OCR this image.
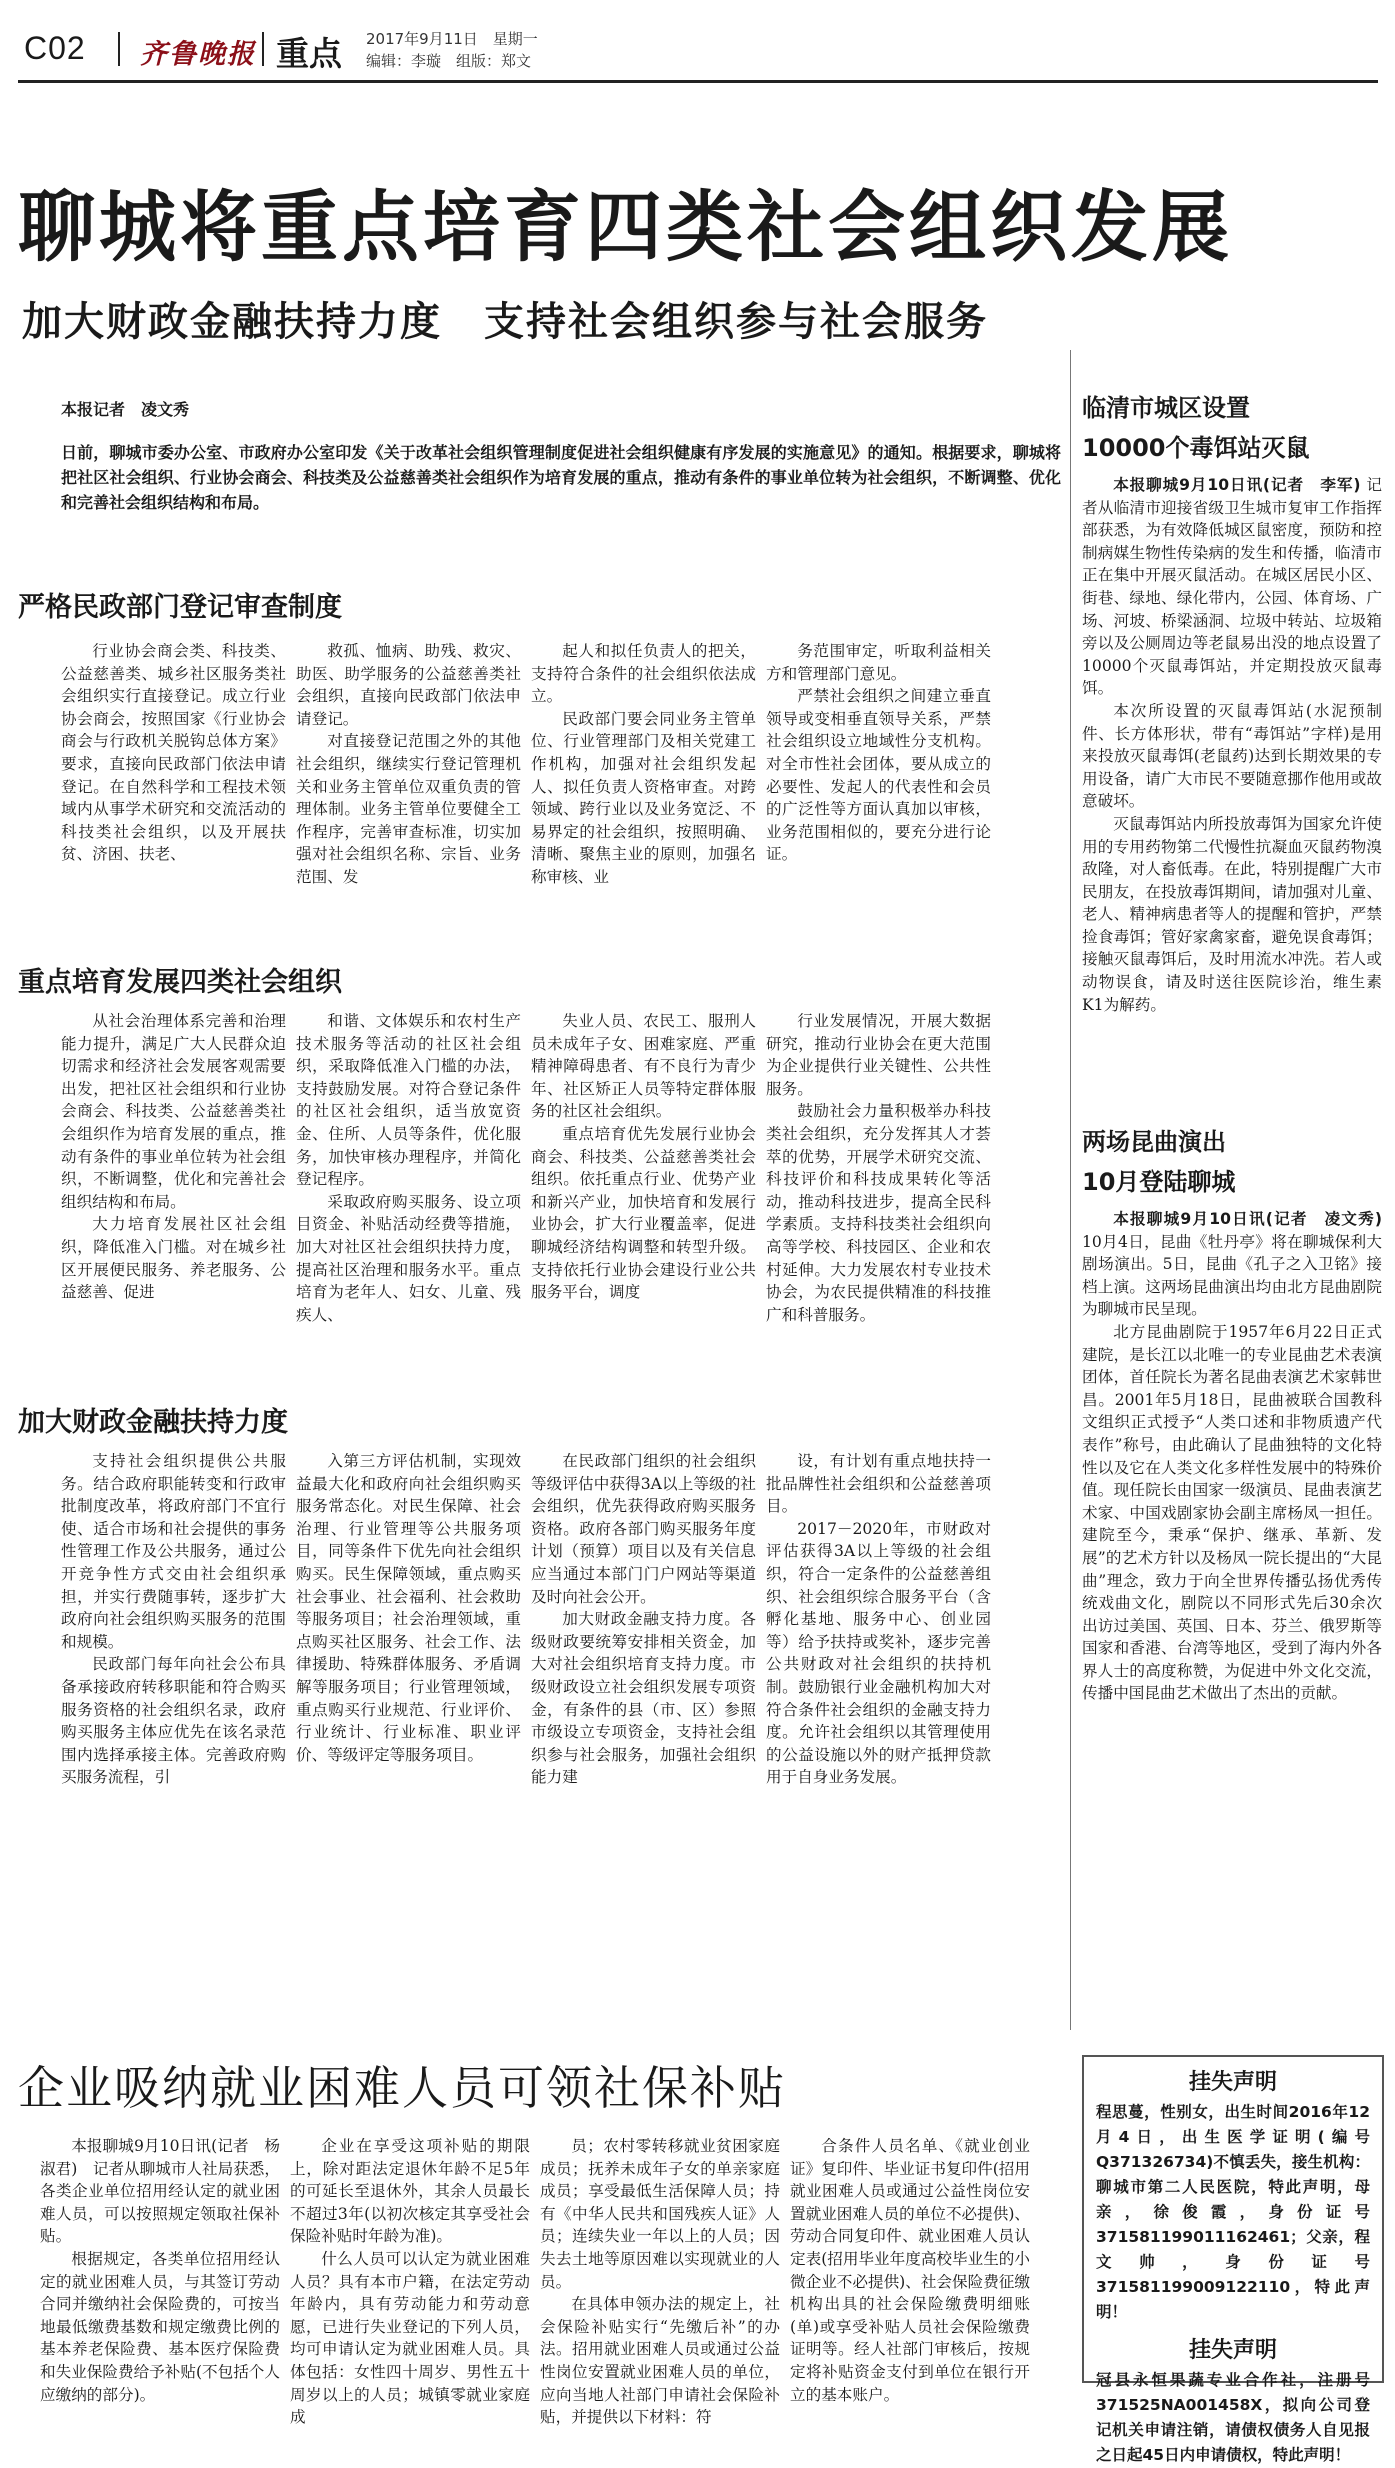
C02 齐鲁晚报 重点 2017年9月11日　星期一
编辑：李璇　组版：郑文
聊城将重点培育四类社会组织发展
加大财政金融扶持力度　支持社会组织参与社会服务
本报记者　凌文秀
日前，聊城市委办公室、市政府办公室印发《关于改革社会组织管理制度促进社会组织健康有序发展的实施意见》的通知。根据要求，聊城将把社区社会组织、行业协会商会、科技类及公益慈善类社会组织作为培育发展的重点，推动有条件的事业单位转为社会组织，不断调整、优化和完善社会组织结构和布局。
严格民政部门登记审查制度

行业协会商会类、科技类、公益慈善类、城乡社区服务类社会组织实行直接登记。成立行业协会商会，按照国家《行业协会商会与行政机关脱钩总体方案》要求，直接向民政部门依法申请登记。在自然科学和工程技术领域内从事学术研究和交流活动的科技类社会组织，以及开展扶贫、济困、扶老、

救孤、恤病、助残、救灾、助医、助学服务的公益慈善类社会组织，直接向民政部门依法申请登记。

对直接登记范围之外的其他社会组织，继续实行登记管理机关和业务主管单位双重负责的管理体制。业务主管单位要健全工作程序，完善审查标准，切实加强对社会组织名称、宗旨、业务范围、发

起人和拟任负责人的把关，支持符合条件的社会组织依法成立。

民政部门要会同业务主管单位、行业管理部门及相关党建工作机构，加强对社会组织发起人、拟任负责人资格审查。对跨领域、跨行业以及业务宽泛、不易界定的社会组织，按照明确、清晰、聚焦主业的原则，加强名称审核、业

务范围审定，听取利益相关方和管理部门意见。

严禁社会组织之间建立垂直领导或变相垂直领导关系，严禁社会组织设立地域性分支机构。对全市性社会团体，要从成立的必要性、发起人的代表性和会员的广泛性等方面认真加以审核，业务范围相似的，要充分进行论证。

重点培育发展四类社会组织

从社会治理体系完善和治理能力提升，满足广大人民群众迫切需求和经济社会发展客观需要出发，把社区社会组织和行业协会商会、科技类、公益慈善类社会组织作为培育发展的重点，推动有条件的事业单位转为社会组织，不断调整，优化和完善社会组织结构和布局。

大力培育发展社区社会组织，降低准入门槛。对在城乡社区开展便民服务、养老服务、公益慈善、促进

和谐、文体娱乐和农村生产技术服务等活动的社区社会组织，采取降低准入门槛的办法，支持鼓励发展。对符合登记条件的社区社会组织，适当放宽资金、住所、人员等条件，优化服务，加快审核办理程序，并简化登记程序。

采取政府购买服务、设立项目资金、补贴活动经费等措施，加大对社区社会组织扶持力度，提高社区治理和服务水平。重点培育为老年人、妇女、儿童、残疾人、

失业人员、农民工、服刑人员未成年子女、困难家庭、严重精神障碍患者、有不良行为青少年、社区矫正人员等特定群体服务的社区社会组织。

重点培育优先发展行业协会商会、科技类、公益慈善类社会组织。依托重点行业、优势产业和新兴产业，加快培育和发展行业协会，扩大行业覆盖率，促进聊城经济结构调整和转型升级。支持依托行业协会建设行业公共服务平台，调度

行业发展情况，开展大数据研究，推动行业协会在更大范围为企业提供行业关键性、公共性服务。

鼓励社会力量积极举办科技类社会组织，充分发挥其人才荟萃的优势，开展学术研究交流、科技评价和科技成果转化等活动，推动科技进步，提高全民科学素质。支持科技类社会组织向高等学校、科技园区、企业和农村延伸。大力发展农村专业技术协会，为农民提供精准的科技推广和科普服务。

加大财政金融扶持力度

支持社会组织提供公共服务。结合政府职能转变和行政审批制度改革，将政府部门不宜行使、适合市场和社会提供的事务性管理工作及公共服务，通过公开竞争性方式交由社会组织承担，并实行费随事转，逐步扩大政府向社会组织购买服务的范围和规模。

民政部门每年向社会公布具备承接政府转移职能和符合购买服务资格的社会组织名录，政府购买服务主体应优先在该名录范围内选择承接主体。完善政府购买服务流程，引

入第三方评估机制，实现效益最大化和政府向社会组织购买服务常态化。对民生保障、社会治理、行业管理等公共服务项目，同等条件下优先向社会组织购买。民生保障领域，重点购买社会事业、社会福利、社会救助等服务项目；社会治理领域，重点购买社区服务、社会工作、法律援助、特殊群体服务、矛盾调解等服务项目；行业管理领域，重点购买行业规范、行业评价、行业统计、行业标准、职业评价、等级评定等服务项目。

在民政部门组织的社会组织等级评估中获得3A以上等级的社会组织，优先获得政府购买服务资格。政府各部门购买服务年度计划（预算）项目以及有关信息应当通过本部门门户网站等渠道及时向社会公开。

加大财政金融支持力度。各级财政要统筹安排相关资金，加大对社会组织培育支持力度。市级财政设立社会组织发展专项资金，有条件的县（市、区）参照市级设立专项资金，支持社会组织参与社会服务，加强社会组织能力建

设，有计划有重点地扶持一批品牌性社会组织和公益慈善项目。

2017－2020年，市财政对评估获得3A以上等级的社会组织，符合一定条件的公益慈善组织、社会组织综合服务平台（含孵化基地、服务中心、创业园等）给予扶持或奖补，逐步完善公共财政对社会组织的扶持机制。鼓励银行业金融机构加大对符合条件社会组织的金融支持力度。允许社会组织以其管理使用的公益设施以外的财产抵押贷款用于自身业务发展。

临清市城区设置
10000个毒饵站灭鼠

本报聊城9月10日讯(记者　李军) 记者从临清市迎接省级卫生城市复审工作指挥部获悉，为有效降低城区鼠密度，预防和控制病媒生物性传染病的发生和传播，临清市正在集中开展灭鼠活动。在城区居民小区、街巷、绿地、绿化带内，公园、体育场、广场、河坡、桥梁涵洞、垃圾中转站、垃圾箱旁以及公厕周边等老鼠易出没的地点设置了10000个灭鼠毒饵站，并定期投放灭鼠毒饵。

本次所设置的灭鼠毒饵站(水泥预制件、长方体形状，带有“毒饵站”字样)是用来投放灭鼠毒饵(老鼠药)达到长期效果的专用设备，请广大市民不要随意挪作他用或故意破坏。

灭鼠毒饵站内所投放毒饵为国家允许使用的专用药物第二代慢性抗凝血灭鼠药物溴敌隆，对人畜低毒。在此，特别提醒广大市民朋友，在投放毒饵期间，请加强对儿童、老人、精神病患者等人的提醒和管护，严禁捡食毒饵；管好家禽家畜，避免误食毒饵；接触灭鼠毒饵后，及时用流水冲洗。若人或动物误食，请及时送往医院诊治，维生素K1为解药。

两场昆曲演出
10月登陆聊城

本报聊城9月10日讯(记者　凌文秀) 10月4日，昆曲《牡丹亭》将在聊城保利大剧场演出。5日，昆曲《孔子之入卫铭》接档上演。这两场昆曲演出均由北方昆曲剧院为聊城市民呈现。

北方昆曲剧院于1957年6月22日正式建院，是长江以北唯一的专业昆曲艺术表演团体，首任院长为著名昆曲表演艺术家韩世昌。2001年5月18日，昆曲被联合国教科文组织正式授予“人类口述和非物质遗产代表作”称号，由此确认了昆曲独特的文化特性以及它在人类文化多样性发展中的特殊价值。现任院长由国家一级演员、昆曲表演艺术家、中国戏剧家协会副主席杨凤一担任。建院至今，秉承“保护、继承、革新、发展”的艺术方针以及杨凤一院长提出的“大昆曲”理念，致力于向全世界传播弘扬优秀传统戏曲文化，剧院以不同形式先后30余次出访过美国、英国、日本、芬兰、俄罗斯等国家和香港、台湾等地区，受到了海内外各界人士的高度称赞，为促进中外文化交流，传播中国昆曲艺术做出了杰出的贡献。

挂失声明
程思蔓，性别女，出生时间2016年12月4日，出生医学证明(编号Q371326734)不慎丢失，接生机构：聊城市第二人民医院，特此声明，母亲，徐俊霞，身份证号371581199011162461；父亲，程文帅，身份证号371581199009122110，特此声明！
挂失声明
冠县永恒果蔬专业合作社，注册号371525NA001458X，拟向公司登记机关申请注销，请债权债务人自见报之日起45日内申请债权，特此声明！
企业吸纳就业困难人员可领社保补贴

本报聊城9月10日讯(记者　杨淑君)　记者从聊城市人社局获悉，各类企业单位招用经认定的就业困难人员，可以按照规定领取社保补贴。

根据规定，各类单位招用经认定的就业困难人员，与其签订劳动合同并缴纳社会保险费的，可按当地最低缴费基数和规定缴费比例的基本养老保险费、基本医疗保险费和失业保险费给予补贴(不包括个人应缴纳的部分)。

企业在享受这项补贴的期限上，除对距法定退休年龄不足5年的可延长至退休外，其余人员最长不超过3年(以初次核定其享受社会保险补贴时年龄为准)。

什么人员可以认定为就业困难人员？具有本市户籍，在法定劳动年龄内，具有劳动能力和劳动意愿，已进行失业登记的下列人员，均可申请认定为就业困难人员。具体包括：女性四十周岁、男性五十周岁以上的人员；城镇零就业家庭成

员；农村零转移就业贫困家庭成员；抚养未成年子女的单亲家庭成员；享受最低生活保障人员；持有《中华人民共和国残疾人证》人员；连续失业一年以上的人员；因失去土地等原因难以实现就业的人员。

在具体申领办法的规定上，社会保险补贴实行“先缴后补”的办法。招用就业困难人员或通过公益性岗位安置就业困难人员的单位，应向当地人社部门申请社会保险补贴，并提供以下材料：符

合条件人员名单、《就业创业证》复印件、毕业证书复印件(招用就业困难人员或通过公益性岗位安置就业困难人员的单位不必提供)、劳动合同复印件、就业困难人员认定表(招用毕业年度高校毕业生的小微企业不必提供)、社会保险费征缴机构出具的社会保险缴费明细账(单)或享受补贴人员社会保险缴费证明等。经人社部门审核后，按规定将补贴资金支付到单位在银行开立的基本账户。
